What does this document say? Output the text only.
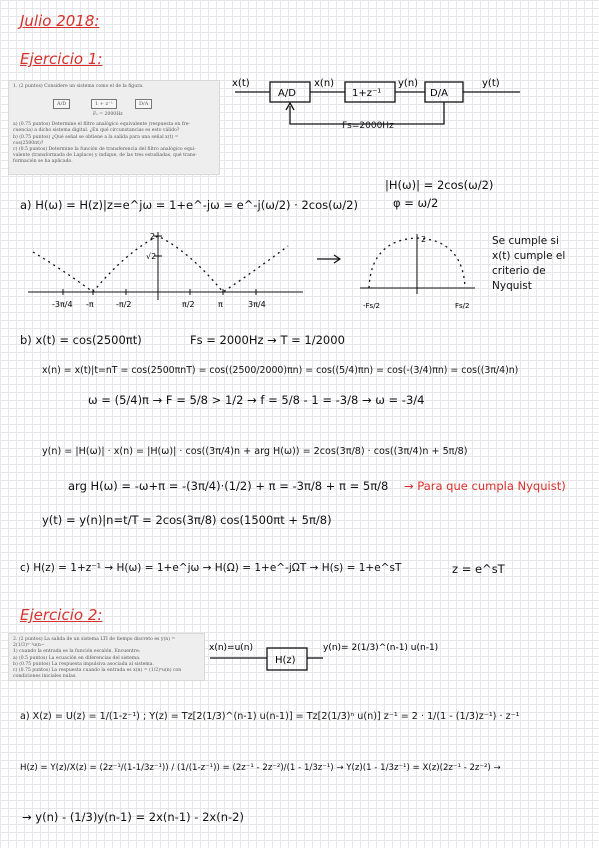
Julio 2018:
Ejercicio 1:
1. (2 puntos) Considere un sistema como el de la figura.
A/D	1 + z⁻¹	D/A
Fₛ = 2000Hz
a) (0.75 puntos) Determine el filtro analógico equivalente (respuesta en fre-
cuencia) a dicho sistema digital. ¿En qué circunstancias es esto válido?
b) (0.75 puntos) ¿Qué señal se obtiene a la salida para una señal x(t) =
cos(2500πt)?
c) (0.5 puntos) Determine la función de transferencia del filtro analógico equi-
valente (transformada de Laplace) y indique, de las tres estudiadas, qué trans-
formación se ha aplicado.
x(t)
A/D
x(n)
1+z⁻¹
y(n)
D/A
y(t)
Fs=2000Hz
a) H(ω) = H(z)|z=e^jω = 1+e^-jω = e^-j(ω/2) · 2cos(ω/2)
|H(ω)| = 2cos(ω/2)
φ = ω/2
2
√2
-3π/4 -π	-π/2	π/2	π	3π/4
2
-Fs/2	Fs/2
Se cumple si
x(t) cumple el
criterio de
Nyquist
b) x(t) = cos(2500πt)	Fs = 2000Hz → T = 1/2000
x(n) = x(t)|t=nT = cos(2500πnT) = cos((2500/2000)πn) = cos((5/4)πn) = cos(-(3/4)πn) = cos((3π/4)n)
ω = (5/4)π → F = 5/8 > 1/2 → f = 5/8 - 1 = -3/8 → ω = -3/4
y(n) = |H(ω)| · x(n) = |H(ω)| · cos((3π/4)n + arg H(ω)) = 2cos(3π/8) · cos((3π/4)n + 5π/8)
arg H(ω) = -ω+π = -(3π/4)·(1/2) + π = -3π/8 + π = 5π/8 → Para que cumpla Nyquist)
y(t) = y(n)|n=t/T = 2cos(3π/8) cos(1500πt + 5π/8)
c) H(z) = 1+z⁻¹ → H(ω) = 1+e^jω → H(Ω) = 1+e^-jΩT → H(s) = 1+e^sT	z = e^sT
Ejercicio 2:
2. (2 puntos) La salida de un sistema LTI de tiempo discreto es y(n) = 2(1/3)ⁿ⁻¹u(n−
1) cuando la entrada es la función escalón. Encuentre:
a) (0.5 puntos) La ecuación en diferencias del sistema.
b) (0.75 puntos) La respuesta impulsiva asociada al sistema.
c) (0.75 puntos) La respuesta cuando la entrada es x(n) = (1/2)ⁿu(n) con
condiciones iniciales nulas.
x(n)=u(n)
H(z)
y(n)= 2(1/3)^(n-1) u(n-1)
a) X(z) = U(z) = 1/(1-z⁻¹) ; Y(z) = Tz[2(1/3)^(n-1) u(n-1)] = Tz[2(1/3)ⁿ u(n)] z⁻¹ = 2 · 1/(1 - (1/3)z⁻¹) · z⁻¹
H(z) = Y(z)/X(z) = (2z⁻¹/(1-1/3z⁻¹)) / (1/(1-z⁻¹)) = (2z⁻¹ - 2z⁻²)/(1 - 1/3z⁻¹) → Y(z)(1 - 1/3z⁻¹) = X(z)(2z⁻¹ - 2z⁻²) →
→ y(n) - (1/3)y(n-1) = 2x(n-1) - 2x(n-2)
